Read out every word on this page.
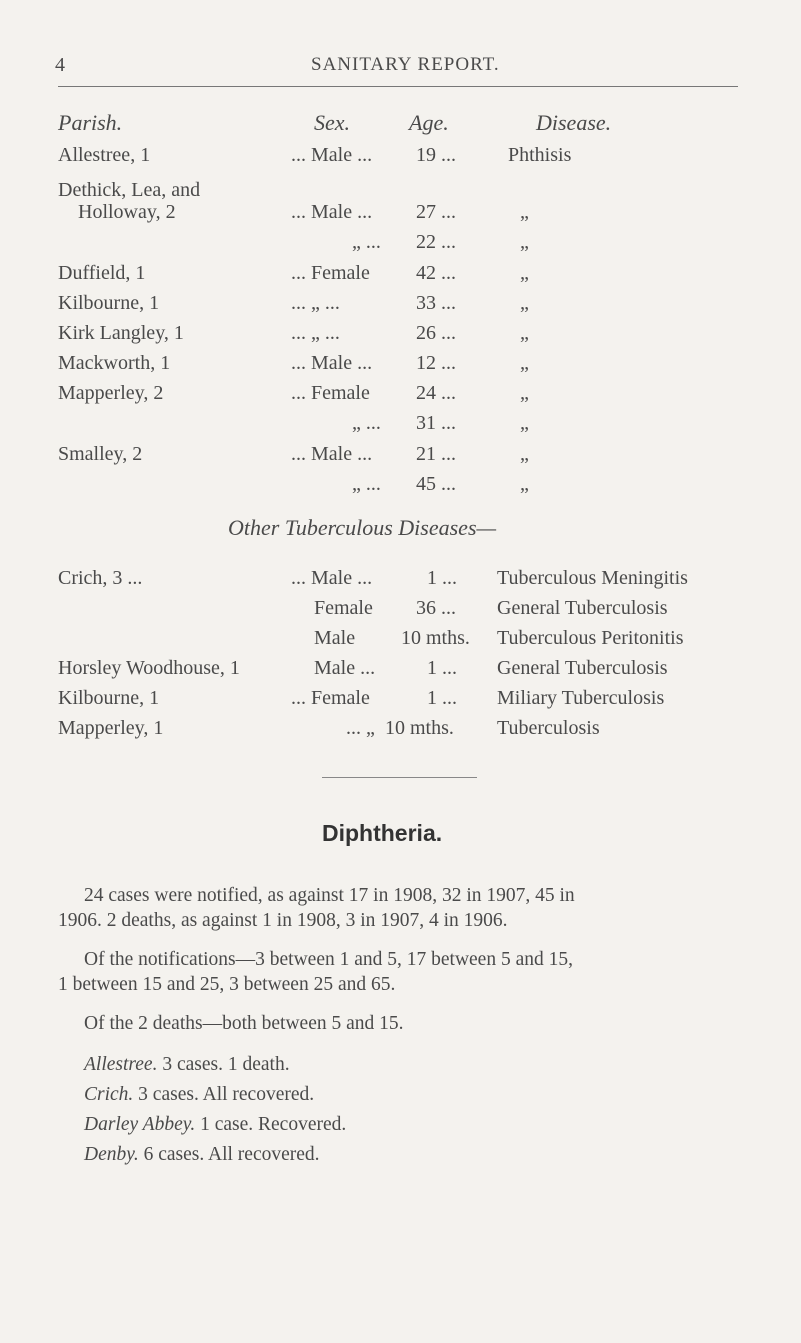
4	SANITARY REPORT.
Parish.	Sex.	Age.	Disease.
Allestree, 1	... Male ... 19 ...	Phthisis
Dethick, Lea, and
Holloway, 2	... Male ... 27 ...	„
„ ... 22 ...	„
Duffield, 1	... Female 42 ...	„
Kilbourne, 1	... „ ...	33 ...	„
Kirk Langley, 1	... „ ...	26 ...	„
Mackworth, 1	... Male ... 12 ...	„
Mapperley, 2	... Female 24 ...	„
„ ... 31 ...	„
Smalley, 2	... Male ... 21 ...	„
„ ... 45 ...	„
Other Tuberculous Diseases—
Crich, 3 ...	... Male ...	1 ... Tuberculous Meningitis
Female 36 ... General Tuberculosis
Male 10 mths. Tuberculous Peritonitis
Horsley Woodhouse, 1	Male ...	1 ... General Tuberculosis
Kilbourne, 1	... Female	1 ... Miliary Tuberculosis
Mapperley, 1	... „ 10 mths. Tuberculosis
Diphtheria.
24 cases were notified, as against 17 in 1908, 32 in 1907, 45 in
1906. 2 deaths, as against 1 in 1908, 3 in 1907, 4 in 1906.
Of the notifications—3 between 1 and 5, 17 between 5 and 15,
1 between 15 and 25, 3 between 25 and 65.
Of the 2 deaths—both between 5 and 15.
Allestree. 3 cases. 1 death.
Crich. 3 cases. All recovered.
Darley Abbey. 1 case. Recovered.
Denby. 6 cases. All recovered.
